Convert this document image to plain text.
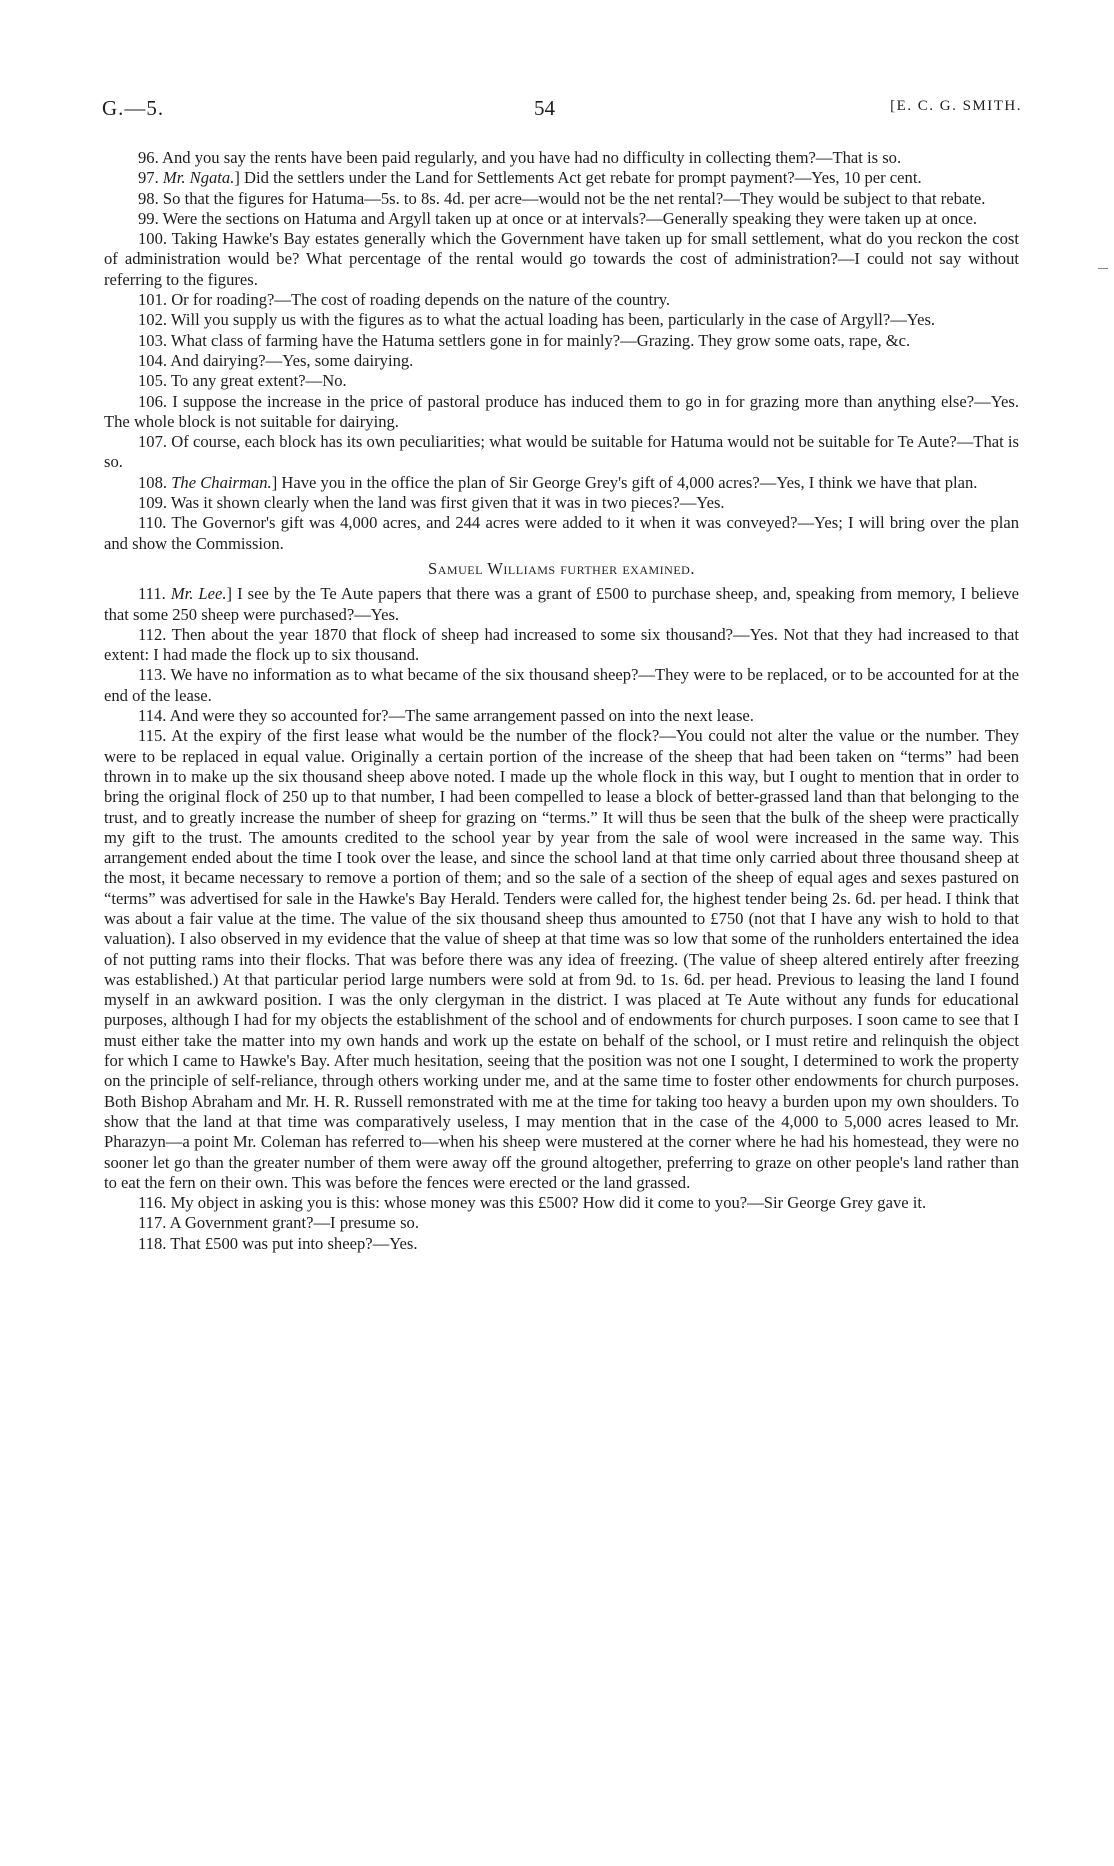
G.—5.	54	[E. C. G. SMITH.

96. And you say the rents have been paid regularly, and you have had no difficulty in collecting them?—That is so.

97. Mr. Ngata.] Did the settlers under the Land for Settlements Act get rebate for prompt payment?—Yes, 10 per cent.

98. So that the figures for Hatuma—5s. to 8s. 4d. per acre—would not be the net rental?—They would be subject to that rebate.

99. Were the sections on Hatuma and Argyll taken up at once or at intervals?—Generally speaking they were taken up at once.

100. Taking Hawke's Bay estates generally which the Government have taken up for small settlement, what do you reckon the cost of administration would be? What percentage of the rental would go towards the cost of administration?—I could not say without referring to the figures.

101. Or for roading?—The cost of roading depends on the nature of the country.

102. Will you supply us with the figures as to what the actual loading has been, particularly in the case of Argyll?—Yes.

103. What class of farming have the Hatuma settlers gone in for mainly?—Grazing. They grow some oats, rape, &c.

104. And dairying?—Yes, some dairying.

105. To any great extent?—No.

106. I suppose the increase in the price of pastoral produce has induced them to go in for grazing more than anything else?—Yes. The whole block is not suitable for dairying.

107. Of course, each block has its own peculiarities; what would be suitable for Hatuma would not be suitable for Te Aute?—That is so.

108. The Chairman.] Have you in the office the plan of Sir George Grey's gift of 4,000 acres?—Yes, I think we have that plan.

109. Was it shown clearly when the land was first given that it was in two pieces?—Yes.

110. The Governor's gift was 4,000 acres, and 244 acres were added to it when it was conveyed?—Yes; I will bring over the plan and show the Commission.

Samuel Williams further examined.

111. Mr. Lee.] I see by the Te Aute papers that there was a grant of £500 to purchase sheep, and, speaking from memory, I believe that some 250 sheep were purchased?—Yes.

112. Then about the year 1870 that flock of sheep had increased to some six thousand?—Yes. Not that they had increased to that extent: I had made the flock up to six thousand.

113. We have no information as to what became of the six thousand sheep?—They were to be replaced, or to be accounted for at the end of the lease.

114. And were they so accounted for?—The same arrangement passed on into the next lease.

115. At the expiry of the first lease what would be the number of the flock?—You could not alter the value or the number. They were to be replaced in equal value. Originally a certain portion of the increase of the sheep that had been taken on “terms” had been thrown in to make up the six thousand sheep above noted. I made up the whole flock in this way, but I ought to mention that in order to bring the original flock of 250 up to that number, I had been compelled to lease a block of better-grassed land than that belonging to the trust, and to greatly increase the number of sheep for grazing on “terms.” It will thus be seen that the bulk of the sheep were practically my gift to the trust. The amounts credited to the school year by year from the sale of wool were increased in the same way. This arrangement ended about the time I took over the lease, and since the school land at that time only carried about three thousand sheep at the most, it became necessary to remove a portion of them; and so the sale of a section of the sheep of equal ages and sexes pastured on “terms” was advertised for sale in the Hawke's Bay Herald. Tenders were called for, the highest tender being 2s. 6d. per head. I think that was about a fair value at the time. The value of the six thousand sheep thus amounted to £750 (not that I have any wish to hold to that valuation). I also observed in my evidence that the value of sheep at that time was so low that some of the runholders entertained the idea of not putting rams into their flocks. That was before there was any idea of freezing. (The value of sheep altered entirely after freezing was established.) At that particular period large numbers were sold at from 9d. to 1s. 6d. per head. Previous to leasing the land I found myself in an awkward position. I was the only clergyman in the district. I was placed at Te Aute without any funds for educational purposes, although I had for my objects the establishment of the school and of endowments for church purposes. I soon came to see that I must either take the matter into my own hands and work up the estate on behalf of the school, or I must retire and relinquish the object for which I came to Hawke's Bay. After much hesitation, seeing that the position was not one I sought, I determined to work the property on the principle of self-reliance, through others working under me, and at the same time to foster other endowments for church purposes. Both Bishop Abraham and Mr. H. R. Russell remonstrated with me at the time for taking too heavy a burden upon my own shoulders. To show that the land at that time was comparatively useless, I may mention that in the case of the 4,000 to 5,000 acres leased to Mr. Pharazyn—a point Mr. Coleman has referred to—when his sheep were mustered at the corner where he had his homestead, they were no sooner let go than the greater number of them were away off the ground altogether, preferring to graze on other people's land rather than to eat the fern on their own. This was before the fences were erected or the land grassed.

116. My object in asking you is this: whose money was this £500? How did it come to you?—Sir George Grey gave it.

117. A Government grant?—I presume so.

118. That £500 was put into sheep?—Yes.
